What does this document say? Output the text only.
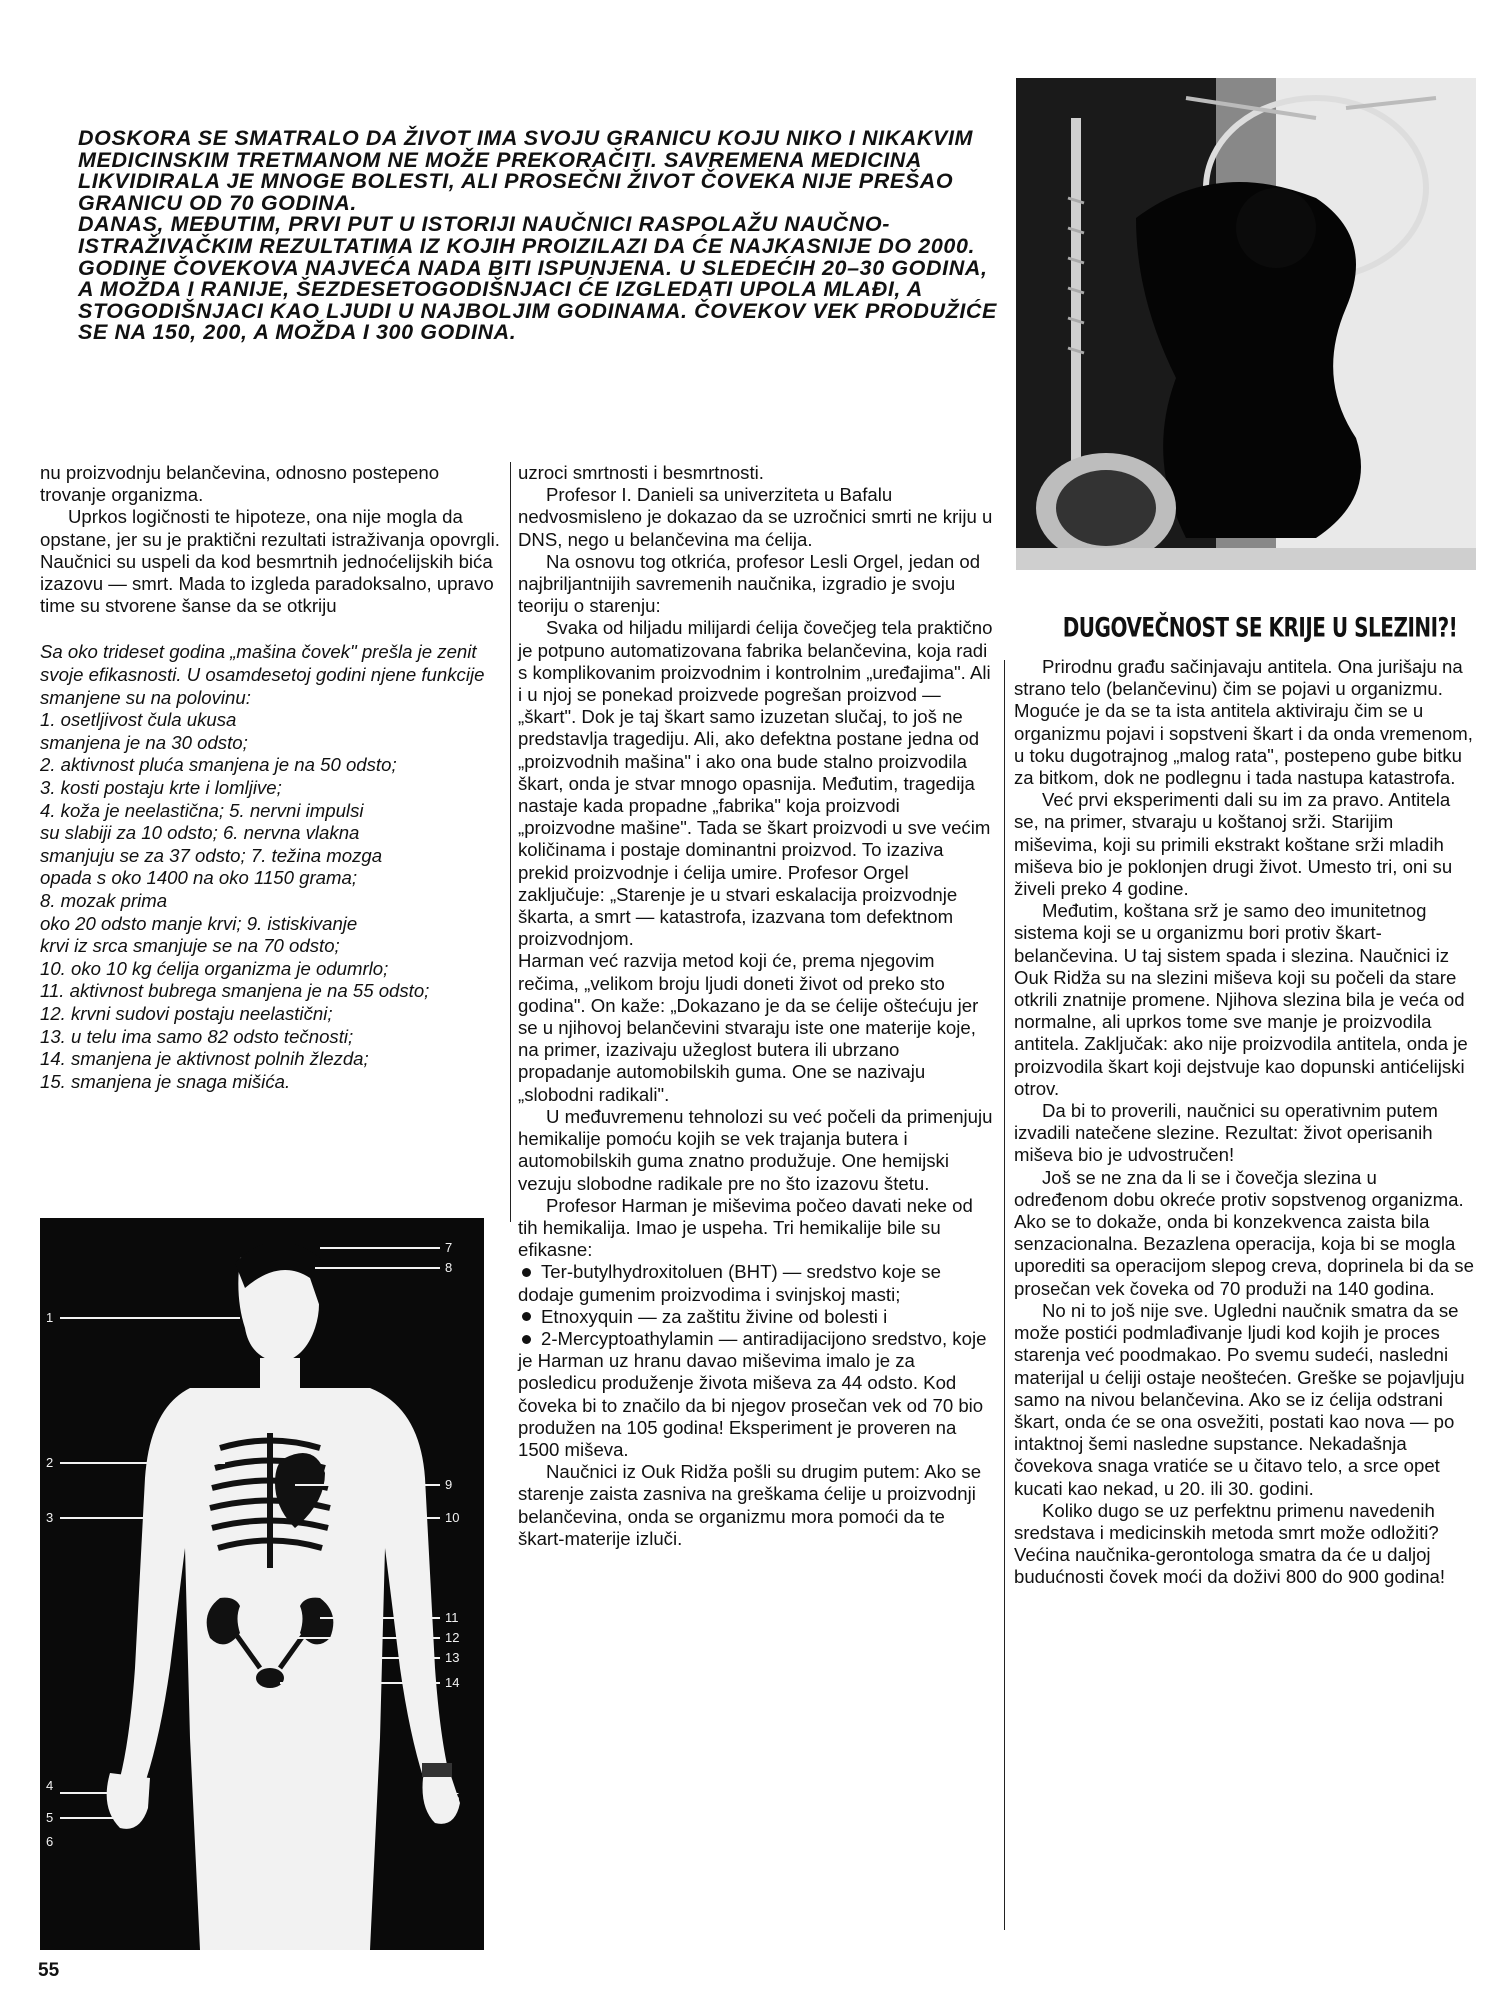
DOSKORA SE SMATRALO DA ŽIVOT IMA SVOJU GRANICU KOJU NIKO I NIKAKVIM MEDICINSKIM TRETMANOM NE MOŽE PREKORAČITI. SAVREMENA MEDICINA LIKVIDIRALA JE MNOGE BOLESTI, ALI PROSEČNI ŽIVOT ČOVEKA NIJE PREŠAO GRANICU OD 70 GODINA.

DANAS, MEĐUTIM, PRVI PUT U ISTORIJI NAUČNICI RASPOLAŽU NAUČNO-ISTRAŽIVAČKIM REZULTATIMA IZ KOJIH PROIZILAZI DA ĆE NAJKASNIJE DO 2000. GODINE ČOVEKOVA NAJVEĆA NADA BITI ISPUNJENA. U SLEDEĆIH 20–30 GODINA, A MOŽDA I RANIJE, ŠEZDESETOGODIŠNJACI ĆE IZGLEDATI UPOLA MLAĐI, A STOGODIŠNJACI KAO LJUDI U NAJBOLJIM GODINAMA. ČOVEKOV VEK PRODUŽIĆE SE NA 150, 200, A MOŽDA I 300 GODINA.

DUGOVEČNOST SE KRIJE U SLEZINI?!

nu proizvodnju belančevina, odnosno postepeno trovanje organizma.

Uprkos logičnosti te hipoteze, ona nije mogla da opstane, jer su je praktični rezultati istraživanja opovrgli. Naučnici su uspeli da kod besmrtnih jednoćelijskih bića izazovu — smrt. Mada to izgleda paradoksalno, upravo time su stvorene šanse da se otkriju

Sa oko trideset godina „mašina čovek" prešla je zenit svoje efikasnosti. U osamdesetoj godini njene funkcije smanjene su na polovinu:
1. osetljivost čula ukusa
smanjena je na 30 odsto;
2. aktivnost pluća smanjena je na 50 odsto;
3. kosti postaju krte i lomljive;
4. koža je neelastična; 5. nervni impulsi
su slabiji za 10 odsto; 6. nervna vlakna
smanjuju se za 37 odsto; 7. težina mozga
opada s oko 1400 na oko 1150 grama;
8. mozak prima
oko 20 odsto manje krvi; 9. istiskivanje
krvi iz srca smanjuje se na 70 odsto;
10. oko 10 kg ćelija organizma je odumrlo;
11. aktivnost bubrega smanjena je na 55 odsto;
12. krvni sudovi postaju neelastični;
13. u telu ima samo 82 odsto tečnosti;
14. smanjena je aktivnost polnih žlezda;
15. smanjena je snaga mišića.
1
2
3
4
5
6
7
8
9
10
11
12
13
14
15

uzroci smrtnosti i besmrtnosti.

Profesor I. Danieli sa univerziteta u Bafalu nedvosmisleno je dokazao da se uzročnici smrti ne kriju u DNS, nego u belančevina ma ćelija.

Na osnovu tog otkrića, profesor Lesli Orgel, jedan od najbriljantnijih savremenih naučnika, izgradio je svoju teoriju o starenju:

Svaka od hiljadu milijardi ćelija čovečjeg tela praktično je potpuno automatizovana fabrika belančevina, koja radi s komplikovanim proizvodnim i kontrolnim „uređajima". Ali i u njoj se ponekad proizvede pogrešan proizvod — „škart". Dok je taj škart samo izuzetan slučaj, to još ne predstavlja tragediju. Ali, ako defektna postane jedna od „proizvodnih mašina" i ako ona bude stalno proizvodila škart, onda je stvar mnogo opasnija. Međutim, tragedija nastaje kada propadne „fabrika" koja proizvodi „proizvodne mašine". Tada se škart proizvodi u sve većim količinama i postaje dominantni proizvod. To izaziva prekid proizvodnje i ćelija umire. Profesor Orgel zaključuje: „Starenje je u stvari eskalacija proizvodnje škarta, a smrt — katastrofa, izazvana tom defektnom proizvodnjom.

Harman već razvija metod koji će, prema njegovim rečima, „velikom broju ljudi doneti život od preko sto godina". On kaže: „Dokazano je da se ćelije oštećuju jer se u njihovoj belančevini stvaraju iste one materije koje, na primer, izazivaju užeglost butera ili ubrzano propadanje automobilskih guma. One se nazivaju „slobodni radikali".

U međuvremenu tehnolozi su već počeli da primenjuju hemikalije pomoću kojih se vek trajanja butera i automobilskih guma znatno produžuje. One hemijski vezuju slobodne radikale pre no što izazovu štetu.

Profesor Harman je miševima počeo davati neke od tih hemikalija. Imao je uspeha. Tri hemikalije bile su efikasne:

Ter-butylhydroxitoluen (BHT) — sredstvo koje se dodaje gumenim proizvodima i svinjskoj masti;

Etnoxyquin — za zaštitu živine od bolesti i

2-Mercyptoathylamin — antiradijacijono sredstvo, koje je Harman uz hranu davao miševima imalo je za posledicu produženje života miševa za 44 odsto. Kod čoveka bi to značilo da bi njegov prosečan vek od 70 bio produžen na 105 godina! Eksperiment je proveren na 1500 miševa.

Naučnici iz Ouk Ridža pošli su drugim putem: Ako se starenje zaista zasniva na greškama ćelije u proizvodnji belančevina, onda se organizmu mora pomoći da te škart-materije izluči.

Prirodnu građu sačinjavaju antitela. Ona jurišaju na strano telo (belančevinu) čim se pojavi u organizmu. Moguće je da se ta ista antitela aktiviraju čim se u organizmu pojavi i sopstveni škart i da onda vremenom, u toku dugotrajnog „malog rata", postepeno gube bitku za bitkom, dok ne podlegnu i tada nastupa katastrofa.

Već prvi eksperimenti dali su im za pravo. Antitela se, na primer, stvaraju u koštanoj srži. Starijim miševima, koji su primili ekstrakt koštane srži mladih miševa bio je poklonjen drugi život. Umesto tri, oni su živeli preko 4 godine.

Međutim, koštana srž je samo deo imunitetnog sistema koji se u organizmu bori protiv škart-belančevina. U taj sistem spada i slezina. Naučnici iz Ouk Ridža su na slezini miševa koji su počeli da stare otkrili znatnije promene. Njihova slezina bila je veća od normalne, ali uprkos tome sve manje je proizvodila antitela. Zaključak: ako nije proizvodila antitela, onda je proizvodila škart koji dejstvuje kao dopunski antićelijski otrov.

Da bi to proverili, naučnici su operativnim putem izvadili natečene slezine. Rezultat: život operisanih miševa bio je udvostručen!

Još se ne zna da li se i čovečja slezina u određenom dobu okreće protiv sopstvenog organizma. Ako se to dokaže, onda bi konzekvenca zaista bila senzacionalna. Bezazlena operacija, koja bi se mogla uporediti sa operacijom slepog creva, doprinela bi da se prosečan vek čoveka od 70 produži na 140 godina.

No ni to još nije sve. Ugledni naučnik smatra da se može postići podmlađivanje ljudi kod kojih je proces starenja već poodmakao. Po svemu sudeći, nasledni materijal u ćeliji ostaje neoštećen. Greške se pojavljuju samo na nivou belančevina. Ako se iz ćelija odstrani škart, onda će se ona osvežiti, postati kao nova — po intaktnoj šemi nasledne supstance. Nekadašnja čovekova snaga vratiće se u čitavo telo, a srce opet kucati kao nekad, u 20. ili 30. godini.

Koliko dugo se uz perfektnu primenu navedenih sredstava i medicinskih metoda smrt može odložiti? Većina naučnika-gerontologa smatra da će u daljoj budućnosti čovek moći da doživi 800 do 900 godina!

55
